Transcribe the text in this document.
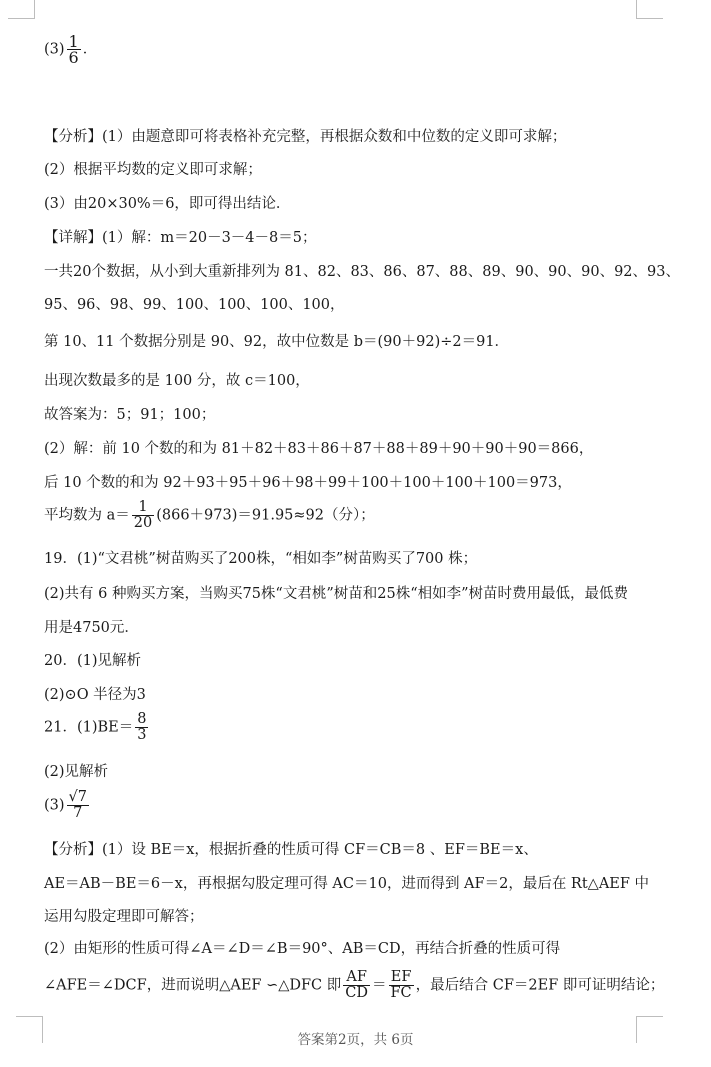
$(3) \frac{1}{6}$ ．
【分析】(1）由题意即可将表格补充完整，再根据众数和中位数的定义即可求解；
(2）根据平均数的定义即可求解；
(3）由20×30%＝6，即可得出结论．
【详解】(1）解：m＝20－3－4－8＝5；
一共20个数据，从小到大重新排列为 81、82、83、86、87、88、89、90、90、90、92、93、
95、96、98、99、100、100、100、100，
第 10、11 个数据分别是 90、92，故中位数是 b＝(90＋92)÷2＝91．
出现次数最多的是 100 分，故 c＝100，
故答案为：5；91；100；
(2）解：前 10 个数的和为 81＋82＋83＋86＋87＋88＋89＋90＋90＋90＝866，
后 10 个数的和为 92＋93＋95＋96＋98＋99＋100＋100＋100＋100＝973，
平均数为 $a= \frac{1}{20} (866+973)=91.95\approx 92$（分）；
19．(1)“文君桃”树苗购买了200株，“相如李”树苗购买了700 株；
(2)共有 6 种购买方案，当购买75株“文君桃”树苗和25株“相如李”树苗时费用最低，最低费
用是4750元．
20．(1)见解析
(2)⊙O 半径为3
21．$(1)BE= \frac{8}{3}$
(2)见解析
$(3) \frac{√7}{7}$
【分析】(1）设 BE＝x，根据折叠的性质可得 CF＝CB＝8 、EF＝BE＝x、
AE＝AB－BE＝6－x，再根据勾股定理可得 AC＝10，进而得到 AF＝2，最后在 Rt△AEF 中
运用勾股定理即可解答；
(2）由矩形的性质可得∠A＝∠D＝∠B＝90°、AB＝CD，再结合折叠的性质可得
∠AFE＝∠DCF，进而说明△AEF ∽△DFC 即 $\frac{AF}{CD} = \frac{EF}{FC}$ ，最后结合 CF＝2EF 即可证明结论；
答案第2页，共 6页
